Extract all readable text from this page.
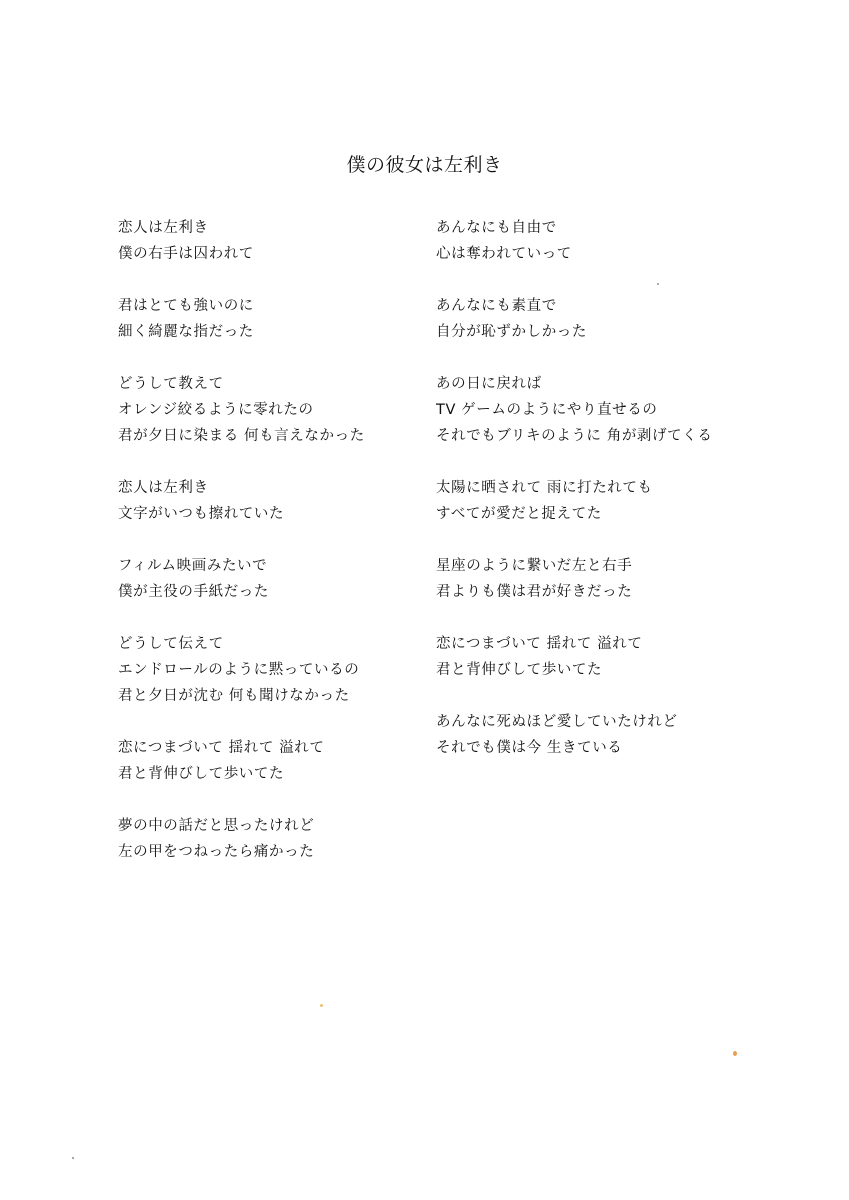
僕の彼女は左利き
恋人は左利き
僕の右手は囚われて
君はとても強いのに
細く綺麗な指だった
どうして教えて
オレンジ絞るように零れたの
君が夕日に染まる 何も言えなかった
恋人は左利き
文字がいつも擦れていた
フィルム映画みたいで
僕が主役の手紙だった
どうして伝えて
エンドロールのように黙っているの
君と夕日が沈む 何も聞けなかった
恋につまづいて 揺れて 溢れて
君と背伸びして歩いてた
夢の中の話だと思ったけれど
左の甲をつねったら痛かった
あんなにも自由で
心は奪われていって
あんなにも素直で
自分が恥ずかしかった
あの日に戻れば
TV ゲームのようにやり直せるの
それでもブリキのように 角が剥げてくる
太陽に晒されて 雨に打たれても
すべてが愛だと捉えてた
星座のように繋いだ左と右手
君よりも僕は君が好きだった
恋につまづいて 揺れて 溢れて
君と背伸びして歩いてた
あんなに死ぬほど愛していたけれど
それでも僕は今 生きている
